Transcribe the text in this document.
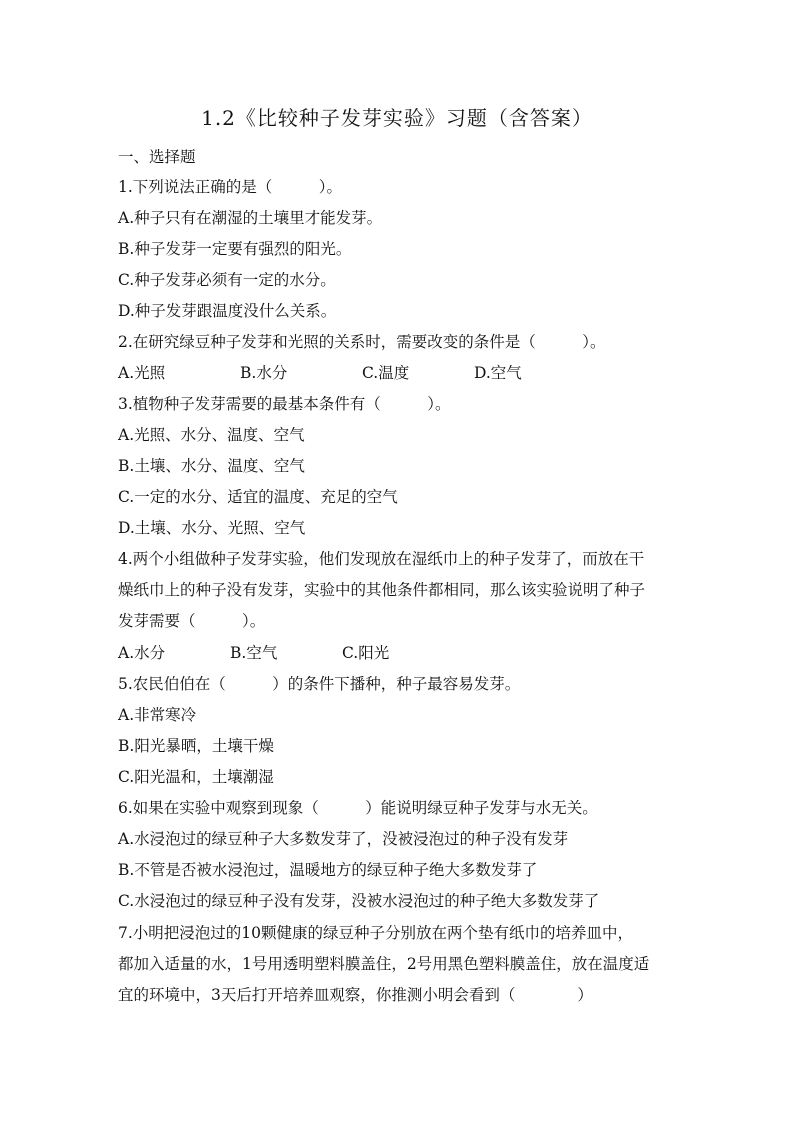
1.2《比较种子发芽实验》习题（含答案）
一、选择题
1.下列说法正确的是（　　　）。
A.种子只有在潮湿的土壤里才能发芽。
B.种子发芽一定要有强烈的阳光。
C.种子发芽必须有一定的水分。
D.种子发芽跟温度没什么关系。
2.在研究绿豆种子发芽和光照的关系时，需要改变的条件是（　　　）。
A.光照	B.水分	C.温度	D.空气
3.植物种子发芽需要的最基本条件有（　　　）。
A.光照、水分、温度、空气
B.土壤、水分、温度、空气
C.一定的水分、适宜的温度、充足的空气
D.土壤、水分、光照、空气
4.两个小组做种子发芽实验，他们发现放在湿纸巾上的种子发芽了，而放在干
燥纸巾上的种子没有发芽，实验中的其他条件都相同，那么该实验说明了种子
发芽需要（　　　）。
A.水分	B.空气	C.阳光
5.农民伯伯在（　　　）的条件下播种，种子最容易发芽。
A.非常寒冷
B.阳光暴晒，土壤干燥
C.阳光温和，土壤潮湿
6.如果在实验中观察到现象（　　　）能说明绿豆种子发芽与水无关。
A.水浸泡过的绿豆种子大多数发芽了，没被浸泡过的种子没有发芽
B.不管是否被水浸泡过，温暖地方的绿豆种子绝大多数发芽了
C.水浸泡过的绿豆种子没有发芽，没被水浸泡过的种子绝大多数发芽了
7.小明把浸泡过的10颗健康的绿豆种子分别放在两个垫有纸巾的培养皿中，
都加入适量的水，1号用透明塑料膜盖住，2号用黑色塑料膜盖住，放在温度适
宜的环境中，3天后打开培养皿观察，你推测小明会看到（　　　　）
